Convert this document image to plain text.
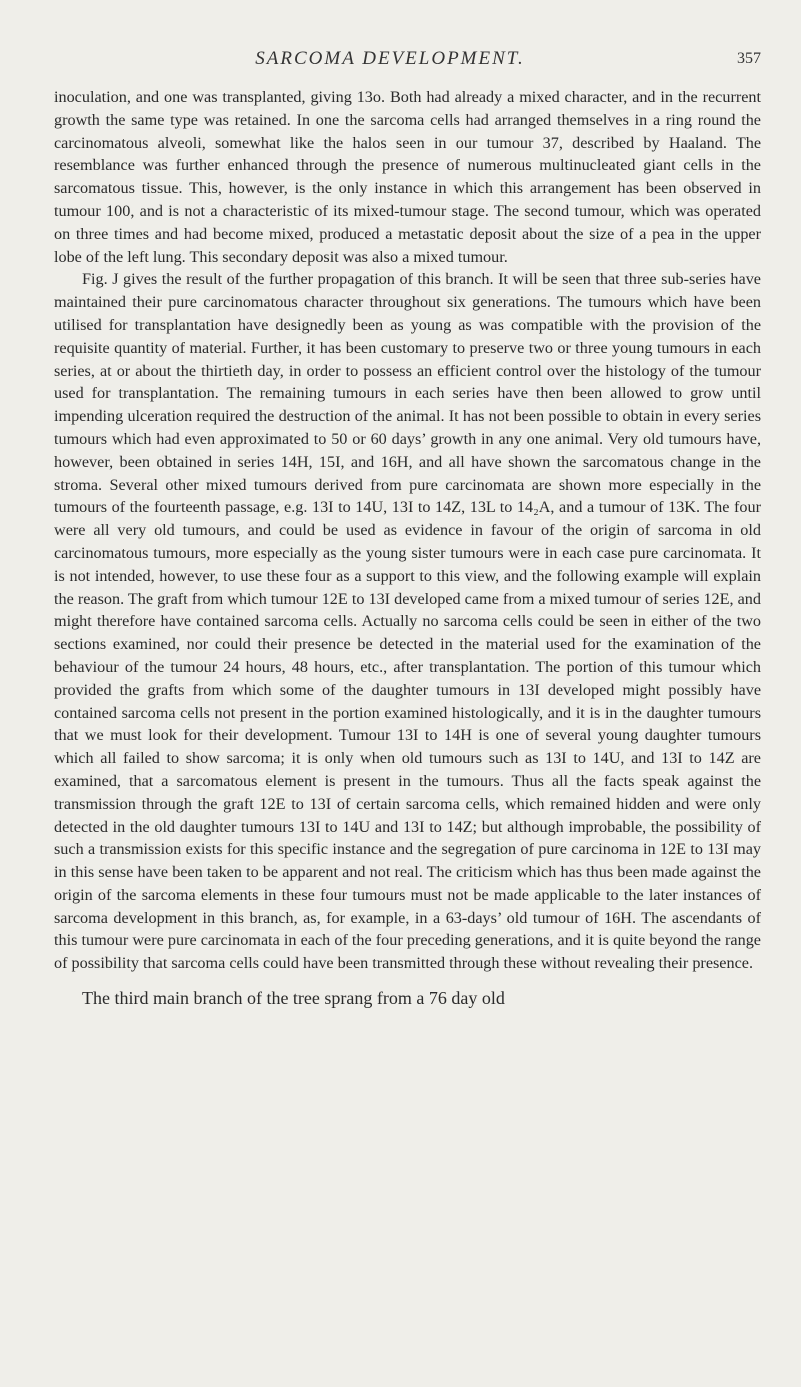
SARCOMA DEVELOPMENT.	357

inoculation, and one was transplanted, giving 13o. Both had already a mixed character, and in the recurrent growth the same type was retained. In one the sarcoma cells had arranged themselves in a ring round the carcinomatous alveoli, somewhat like the halos seen in our tumour 37, described by Haaland. The resemblance was further enhanced through the presence of numerous multinucleated giant cells in the sarcomatous tissue. This, however, is the only instance in which this arrangement has been observed in tumour 100, and is not a characteristic of its mixed-tumour stage. The second tumour, which was operated on three times and had become mixed, produced a metastatic deposit about the size of a pea in the upper lobe of the left lung. This secondary deposit was also a mixed tumour.

Fig. J gives the result of the further propagation of this branch. It will be seen that three sub-series have maintained their pure carcinomatous character throughout six generations. The tumours which have been utilised for transplantation have designedly been as young as was compatible with the provision of the requisite quantity of material. Further, it has been customary to preserve two or three young tumours in each series, at or about the thirtieth day, in order to possess an efficient control over the histology of the tumour used for transplantation. The remaining tumours in each series have then been allowed to grow until impending ulceration required the destruction of the animal. It has not been possible to obtain in every series tumours which had even approximated to 50 or 60 days’ growth in any one animal. Very old tumours have, however, been obtained in series 14H, 15I, and 16H, and all have shown the sarcomatous change in the stroma. Several other mixed tumours derived from pure carcinomata are shown more especially in the tumours of the fourteenth passage, e.g. 13I to 14U, 13I to 14Z, 13L to 14₂A, and a tumour of 13K. The four were all very old tumours, and could be used as evidence in favour of the origin of sarcoma in old carcinomatous tumours, more especially as the young sister tumours were in each case pure carcinomata. It is not intended, however, to use these four as a support to this view, and the following example will explain the reason. The graft from which tumour 12E to 13I developed came from a mixed tumour of series 12E, and might therefore have contained sarcoma cells. Actually no sarcoma cells could be seen in either of the two sections examined, nor could their presence be detected in the material used for the examination of the behaviour of the tumour 24 hours, 48 hours, etc., after transplantation. The portion of this tumour which provided the grafts from which some of the daughter tumours in 13I developed might possibly have contained sarcoma cells not present in the portion examined histologically, and it is in the daughter tumours that we must look for their development. Tumour 13I to 14H is one of several young daughter tumours which all failed to show sarcoma; it is only when old tumours such as 13I to 14U, and 13I to 14Z are examined, that a sarcomatous element is present in the tumours. Thus all the facts speak against the transmission through the graft 12E to 13I of certain sarcoma cells, which remained hidden and were only detected in the old daughter tumours 13I to 14U and 13I to 14Z; but although improbable, the possibility of such a transmission exists for this specific instance and the segregation of pure carcinoma in 12E to 13I may in this sense have been taken to be apparent and not real. The criticism which has thus been made against the origin of the sarcoma elements in these four tumours must not be made applicable to the later instances of sarcoma development in this branch, as, for example, in a 63-days’ old tumour of 16H. The ascendants of this tumour were pure carcinomata in each of the four preceding generations, and it is quite beyond the range of possibility that sarcoma cells could have been transmitted through these without revealing their presence.

The third main branch of the tree sprang from a 76 day old
